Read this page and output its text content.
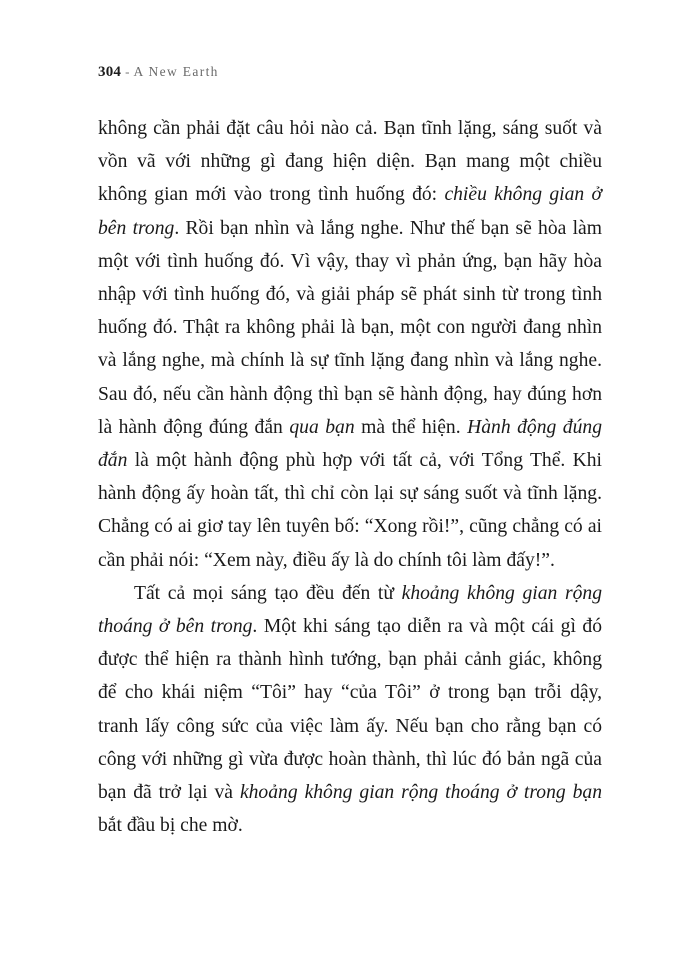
304 - A New Earth

không cần phải đặt câu hỏi nào cả. Bạn tĩnh lặng, sáng suốt và vồn vã với những gì đang hiện diện. Bạn mang một chiều không gian mới vào trong tình huống đó: chiều không gian ở bên trong. Rồi bạn nhìn và lắng nghe. Như thế bạn sẽ hòa làm một với tình huống đó. Vì vậy, thay vì phản ứng, bạn hãy hòa nhập với tình huống đó, và giải pháp sẽ phát sinh từ trong tình huống đó. Thật ra không phải là bạn, một con người đang nhìn và lắng nghe, mà chính là sự tĩnh lặng đang nhìn và lắng nghe. Sau đó, nếu cần hành động thì bạn sẽ hành động, hay đúng hơn là hành động đúng đắn qua bạn mà thể hiện. Hành động đúng đắn là một hành động phù hợp với tất cả, với Tổng Thể. Khi hành động ấy hoàn tất, thì chỉ còn lại sự sáng suốt và tĩnh lặng. Chẳng có ai giơ tay lên tuyên bố: “Xong rồi!”, cũng chẳng có ai cần phải nói: “Xem này, điều ấy là do chính tôi làm đấy!”.

Tất cả mọi sáng tạo đều đến từ khoảng không gian rộng thoáng ở bên trong. Một khi sáng tạo diễn ra và một cái gì đó được thể hiện ra thành hình tướng, bạn phải cảnh giác, không để cho khái niệm “Tôi” hay “của Tôi” ở trong bạn trỗi dậy, tranh lấy công sức của việc làm ấy. Nếu bạn cho rằng bạn có công với những gì vừa được hoàn thành, thì lúc đó bản ngã của bạn đã trở lại và khoảng không gian rộng thoáng ở trong bạn bắt đầu bị che mờ.
